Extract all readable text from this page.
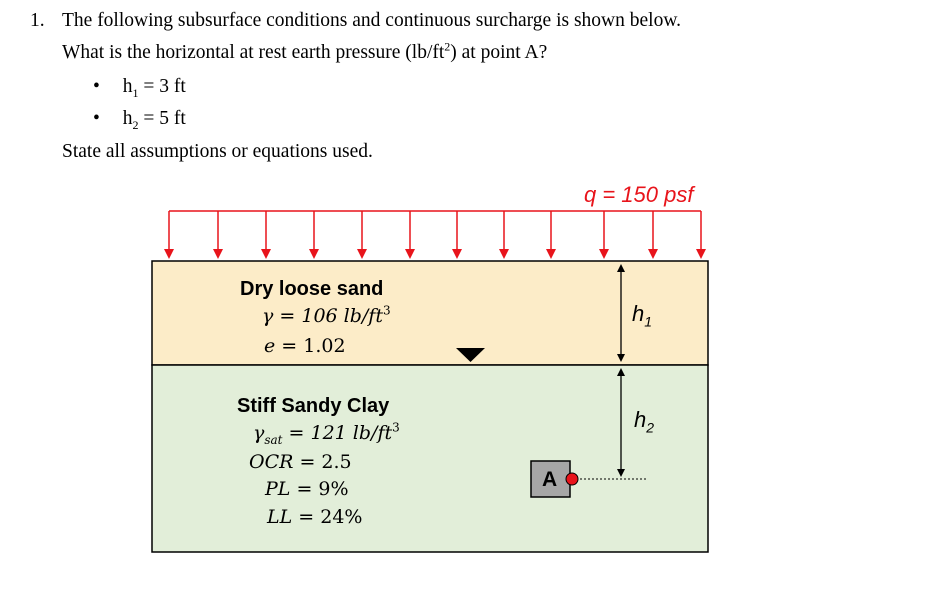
1. The following subsurface conditions and continuous surcharge is shown below.
What is the horizontal at rest earth pressure $(lb/ft^2)$ at point A?
• $h_1 = 3$ ft
• $h_2 = 5$ ft
State all assumptions or equations used.
q = 150 psf
Dry loose sand
γ = 106 $lb/ft^3$
e = 1.02
Stiff Sandy Clay
$\gamma_{sat} = 121$ $lb/ft^3$
OCR = 2.5
PL = 9%
LL = 24%
$h_1$
$h_2$
A
